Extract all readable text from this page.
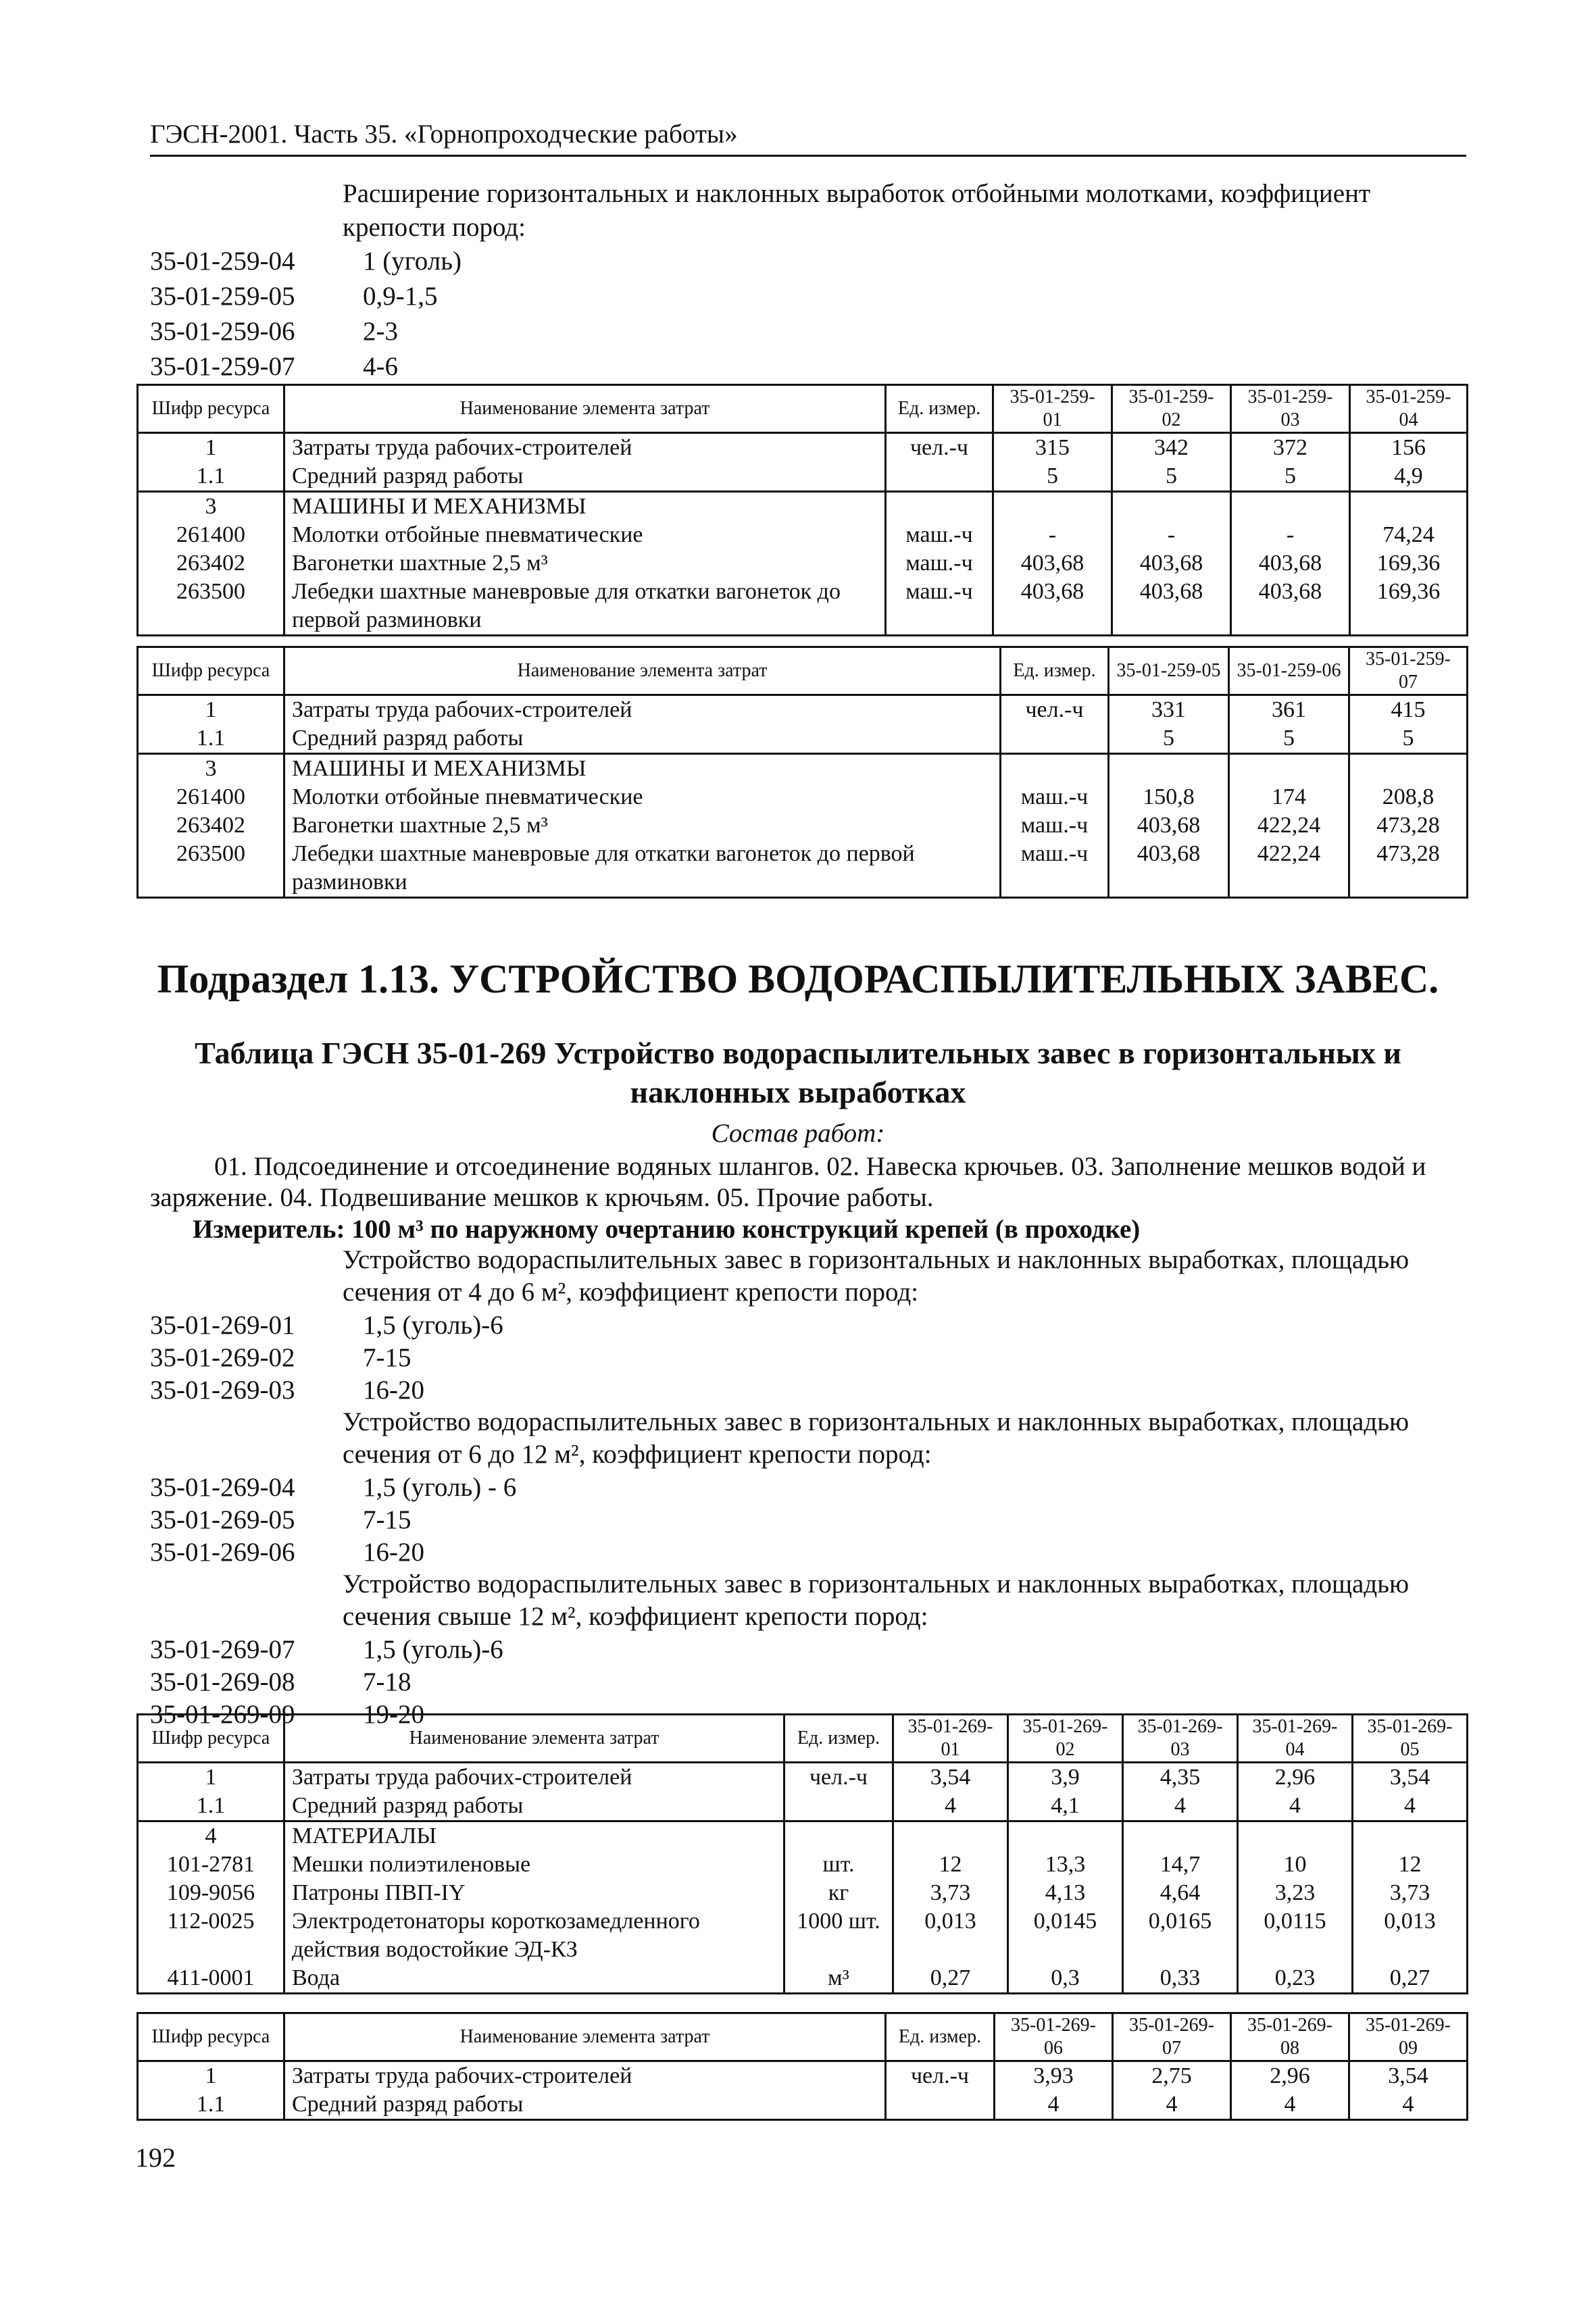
ГЭСН-2001. Часть 35. «Горнопроходческие работы»
Расширение горизонтальных и наклонных выработок отбойными молотками, коэффициент крепости пород:
35-01-259-04	1 (уголь)
35-01-259-05	0,9-1,5
35-01-259-06	2-3
35-01-259-07	4-6
Шифр ресурса	Наименование элемента затрат	Ед. измер.	35-01-259-01	35-01-259-02	35-01-259-03	35-01-259-04
1	Затраты труда рабочих-строителей	чел.-ч	315	342	372	156
1.1	Средний разряд работы		5	5	5	4,9
3	МАШИНЫ И МЕХАНИЗМЫ					
261400	Молотки отбойные пневматические	маш.-ч	-	-	-	74,24
263402	Вагонетки шахтные 2,5 м³	маш.-ч	403,68	403,68	403,68	169,36
263500	Лебедки шахтные маневровые для откатки вагонеток до первой разминовки	маш.-ч	403,68	403,68	403,68	169,36
Шифр ресурса	Наименование элемента затрат	Ед. измер.	35-01-259-05	35-01-259-06	35-01-259-07
1	Затраты труда рабочих-строителей	чел.-ч	331	361	415
1.1	Средний разряд работы		5	5	5
3	МАШИНЫ И МЕХАНИЗМЫ				
261400	Молотки отбойные пневматические	маш.-ч	150,8	174	208,8
263402	Вагонетки шахтные 2,5 м³	маш.-ч	403,68	422,24	473,28
263500	Лебедки шахтные маневровые для откатки вагонеток до первой разминовки	маш.-ч	403,68	422,24	473,28
Подраздел 1.13. УСТРОЙСТВО ВОДОРАСПЫЛИТЕЛЬНЫХ ЗАВЕС.
Таблица ГЭСН 35-01-269 Устройство водораспылительных завес в горизонтальных и
наклонных выработках
Состав работ:
01. Подсоединение и отсоединение водяных шлангов. 02. Навеска крючьев. 03. Заполнение мешков водой и заряжение. 04. Подвешивание мешков к крючьям. 05. Прочие работы.
Измеритель: 100 м³ по наружному очертанию конструкций крепей (в проходке)
Устройство водораспылительных завес в горизонтальных и наклонных выработках, площадью сечения от 4 до 6 м², коэффициент крепости пород:
35-01-269-01	1,5 (уголь)-6
35-01-269-02	7-15
35-01-269-03	16-20
Устройство водораспылительных завес в горизонтальных и наклонных выработках, площадью сечения от 6 до 12 м², коэффициент крепости пород:
35-01-269-04	1,5 (уголь) - 6
35-01-269-05	7-15
35-01-269-06	16-20
Устройство водораспылительных завес в горизонтальных и наклонных выработках, площадью сечения свыше 12 м², коэффициент крепости пород:
35-01-269-07	1,5 (уголь)-6
35-01-269-08	7-18
35-01-269-09	19-20
Шифр ресурса	Наименование элемента затрат	Ед. измер.	35-01-269-01	35-01-269-02	35-01-269-03	35-01-269-04	35-01-269-05
1	Затраты труда рабочих-строителей	чел.-ч	3,54	3,9	4,35	2,96	3,54
1.1	Средний разряд работы		4	4,1	4	4	4
4	МАТЕРИАЛЫ						
101-2781	Мешки полиэтиленовые	шт.	12	13,3	14,7	10	12
109-9056	Патроны ПВП-IY	кг	3,73	4,13	4,64	3,23	3,73
112-0025	Электродетонаторы короткозамедленного действия водостойкие ЭД-КЗ	1000 шт.	0,013	0,0145	0,0165	0,0115	0,013
411-0001	Вода	м³	0,27	0,3	0,33	0,23	0,27
Шифр ресурса	Наименование элемента затрат	Ед. измер.	35-01-269-06	35-01-269-07	35-01-269-08	35-01-269-09
1	Затраты труда рабочих-строителей	чел.-ч	3,93	2,75	2,96	3,54
1.1	Средний разряд работы		4	4	4	4
192
